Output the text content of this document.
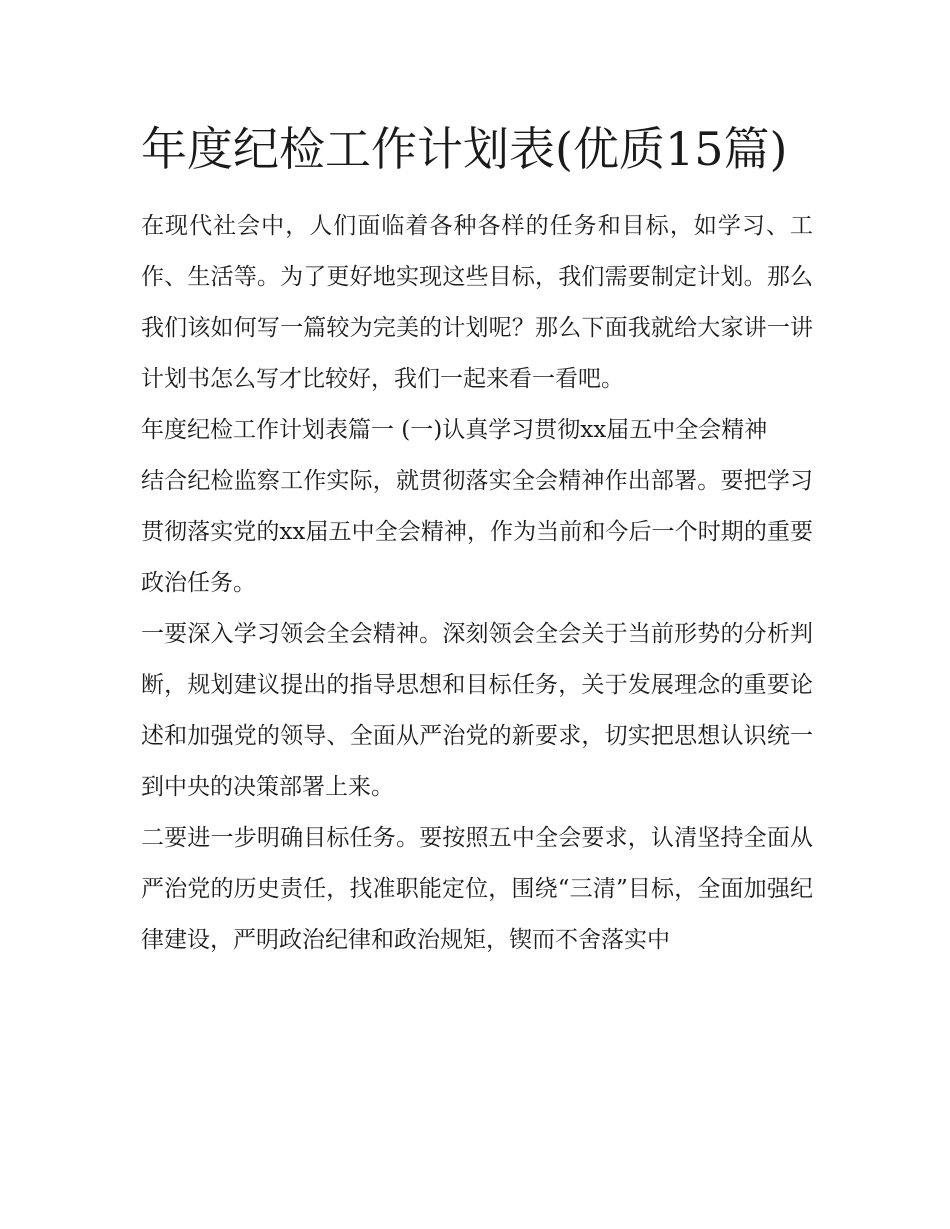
年度纪检工作计划表(优质15篇)

在现代社会中，人们面临着各种各样的任务和目标，如学习、工作、生活等。为了更好地实现这些目标，我们需要制定计划。那么我们该如何写一篇较为完美的计划呢？那么下面我就给大家讲一讲计划书怎么写才比较好，我们一起来看一看吧。

年度纪检工作计划表篇一 (一)认真学习贯彻xx届五中全会精神

结合纪检监察工作实际，就贯彻落实全会精神作出部署。要把学习贯彻落实党的xx届五中全会精神，作为当前和今后一个时期的重要政治任务。

一要深入学习领会全会精神。深刻领会全会关于当前形势的分析判断，规划建议提出的指导思想和目标任务，关于发展理念的重要论述和加强党的领导、全面从严治党的新要求，切实把思想认识统一到中央的决策部署上来。

二要进一步明确目标任务。要按照五中全会要求，认清坚持全面从严治党的历史责任，找准职能定位，围绕“三清”目标，全面加强纪律建设，严明政治纪律和政治规矩，锲而不舍落实中
